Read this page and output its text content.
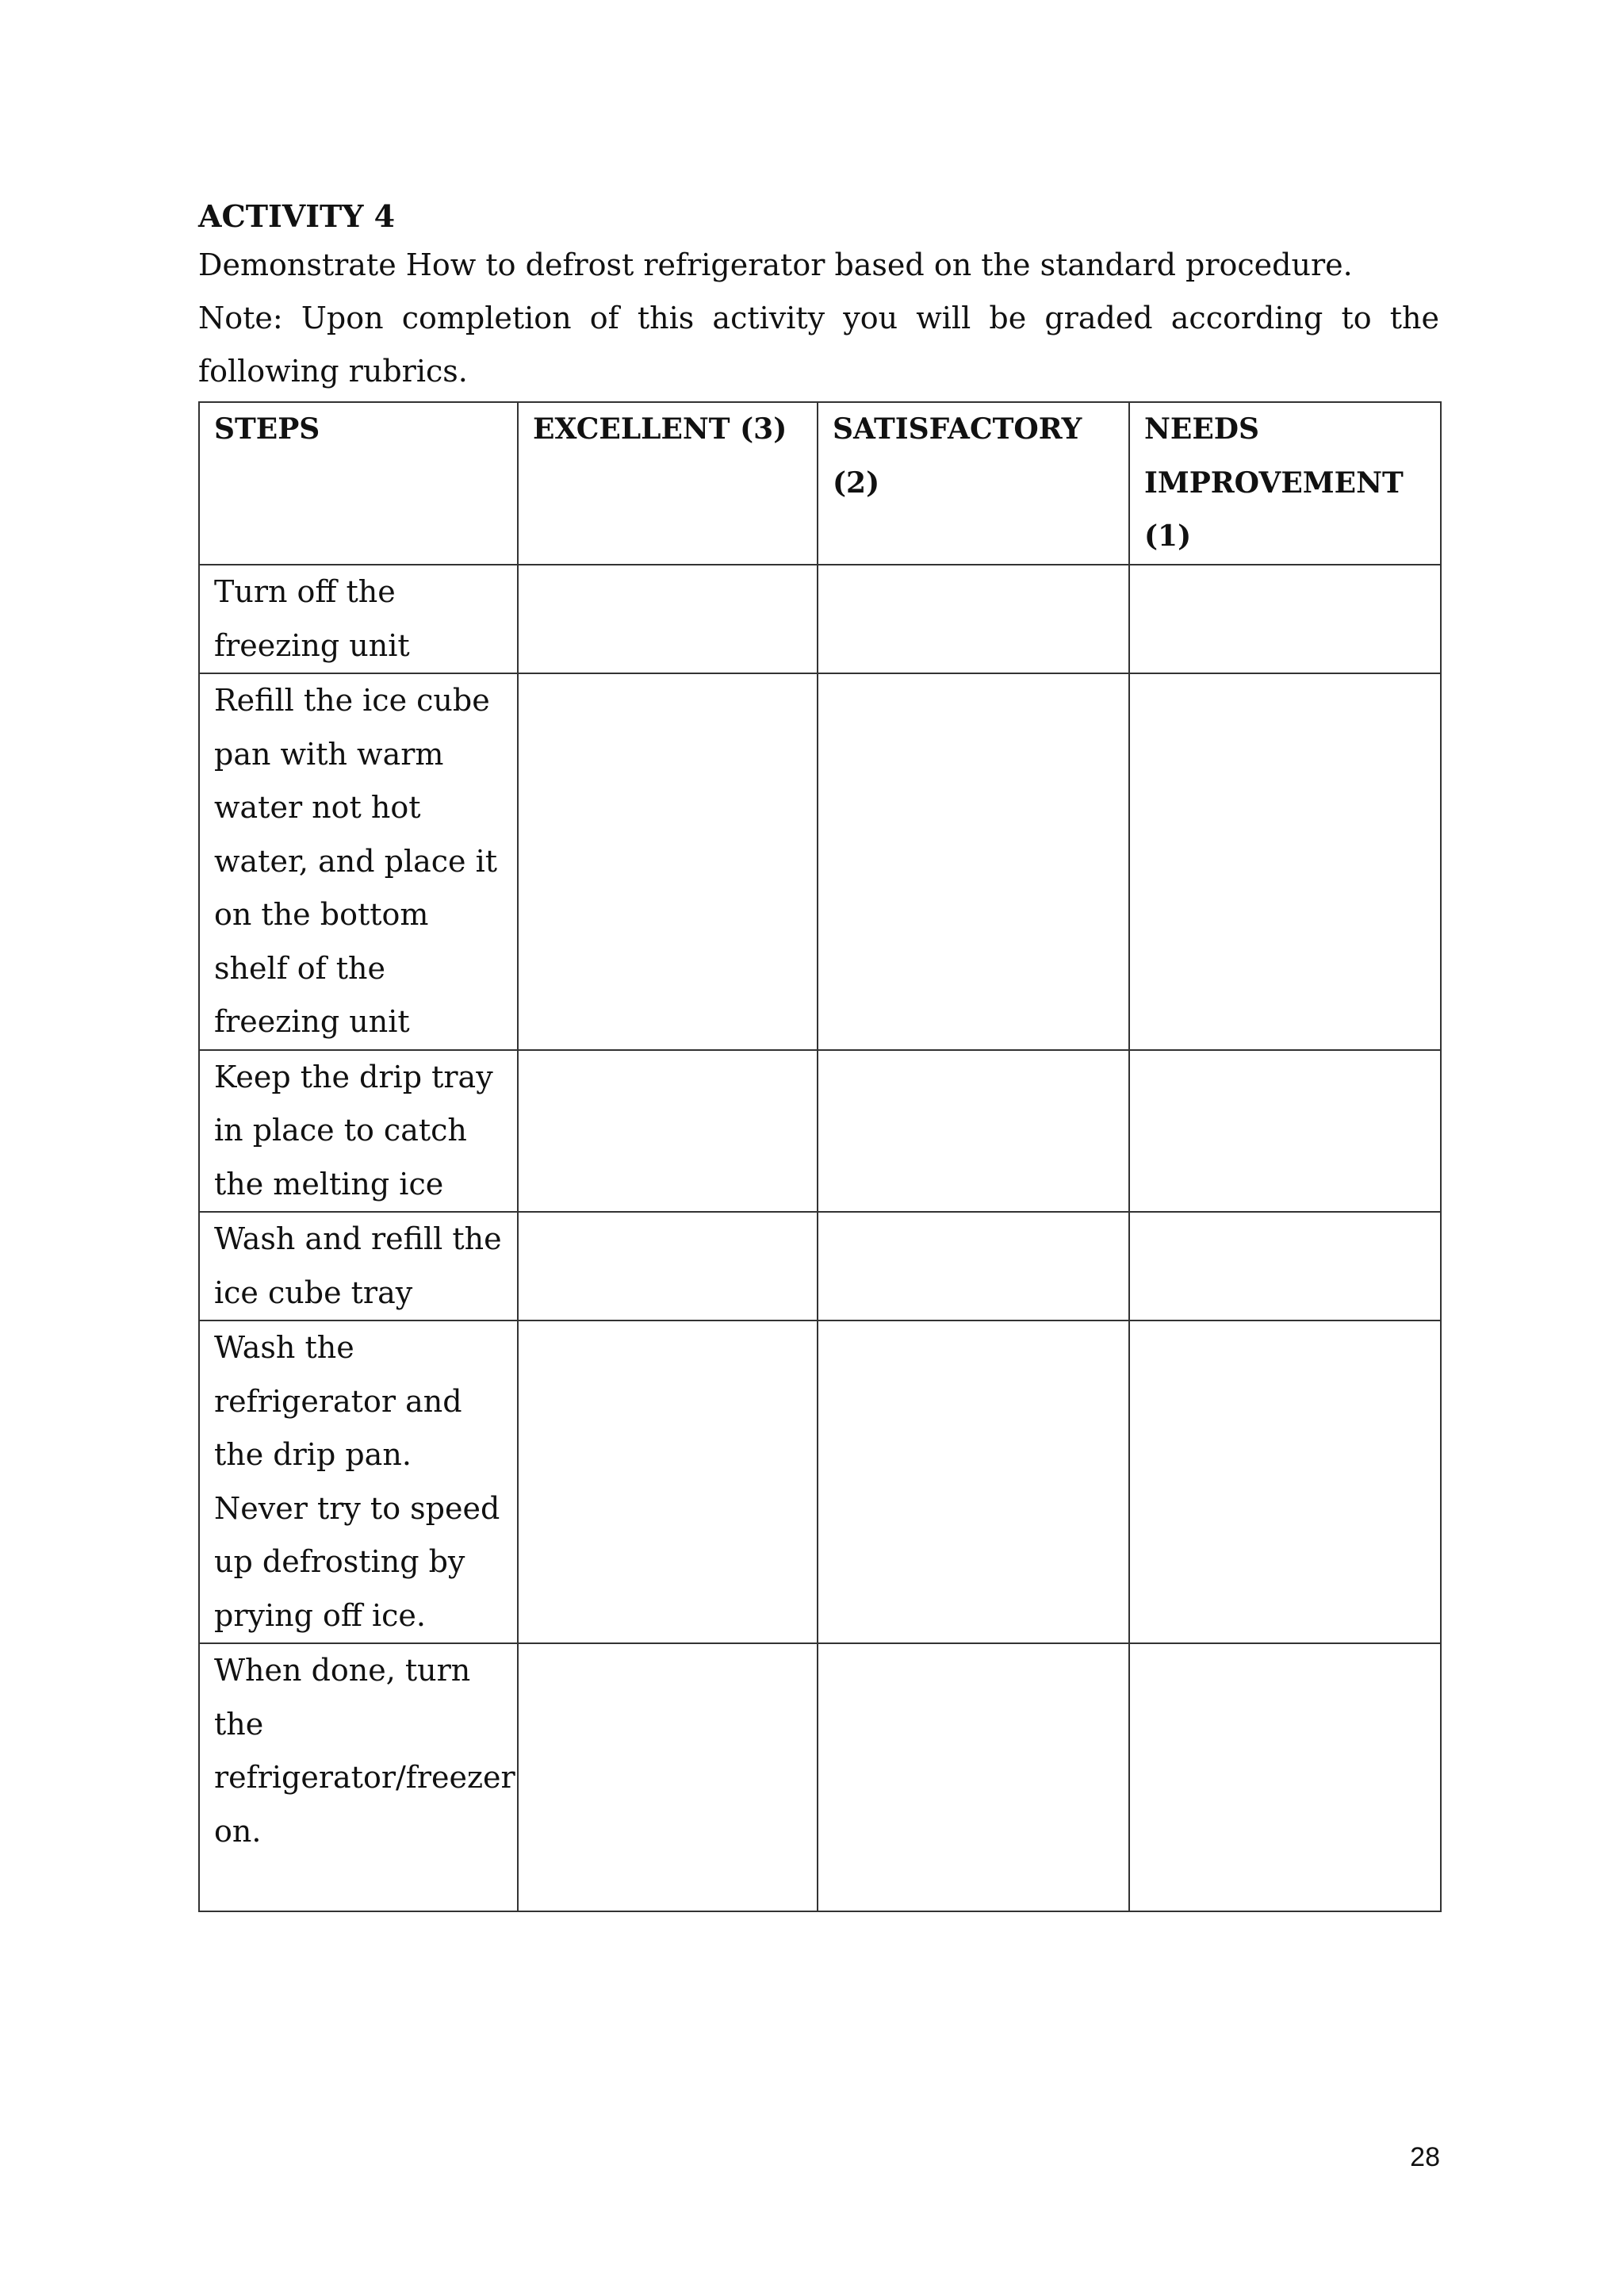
ACTIVITY 4

Demonstrate How to defrost refrigerator based on the standard procedure.

Note: Upon completion of this activity you will be graded according to the following rubrics.

STEPS	EXCELLENT (3)	SATISFACTORY (2)	NEEDS IMPROVEMENT (1)
Turn off the freezing unit			
Refill the ice cube pan with warm water not hot water, and place it on the bottom shelf of the freezing unit			
Keep the drip tray in place to catch the melting ice			
Wash and refill the ice cube tray			
Wash the refrigerator and the drip pan. Never try to speed up defrosting by prying off ice.			
When done, turn the refrigerator/freezer on.			
28
